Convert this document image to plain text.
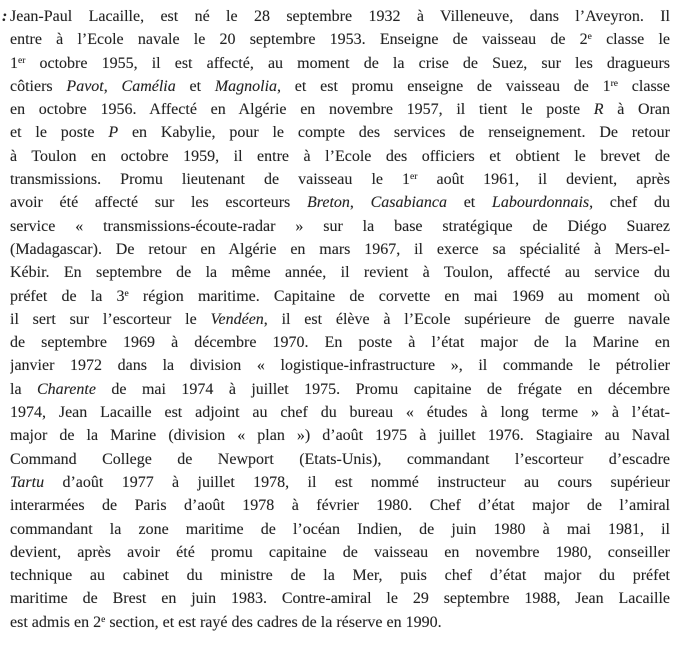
: Jean-Paul Lacaille, est né le 28 septembre 1932 à Villeneuve, dans l’Aveyron. Il
entre à l’Ecole navale le 20 septembre 1953. Enseigne de vaisseau de 2e classe le
1er octobre 1955, il est affecté, au moment de la crise de Suez, sur les dragueurs
côtiers Pavot, Camélia et Magnolia, et est promu enseigne de vaisseau de 1re classe
en octobre 1956. Affecté en Algérie en novembre 1957, il tient le poste R à Oran
et le poste P en Kabylie, pour le compte des services de renseignement. De retour
à Toulon en octobre 1959, il entre à l’Ecole des officiers et obtient le brevet de
transmissions. Promu lieutenant de vaisseau le 1er août 1961, il devient, après
avoir été affecté sur les escorteurs Breton, Casabianca et Labourdonnais, chef du
service « transmissions-écoute-radar » sur la base stratégique de Diégo Suarez
(Madagascar). De retour en Algérie en mars 1967, il exerce sa spécialité à Mers-el-
Kébir. En septembre de la même année, il revient à Toulon, affecté au service du
préfet de la 3e région maritime. Capitaine de corvette en mai 1969 au moment où
il sert sur l’escorteur le Vendéen, il est élève à l’Ecole supérieure de guerre navale
de septembre 1969 à décembre 1970. En poste à l’état major de la Marine en
janvier 1972 dans la division « logistique-infrastructure », il commande le pétrolier
la Charente de mai 1974 à juillet 1975. Promu capitaine de frégate en décembre
1974, Jean Lacaille est adjoint au chef du bureau « études à long terme » à l’état-
major de la Marine (division « plan ») d’août 1975 à juillet 1976. Stagiaire au Naval
Command College de Newport (Etats-Unis), commandant l’escorteur d’escadre
Tartu d’août 1977 à juillet 1978, il est nommé instructeur au cours supérieur
interarmées de Paris d’août 1978 à février 1980. Chef d’état major de l’amiral
commandant la zone maritime de l’océan Indien, de juin 1980 à mai 1981, il
devient, après avoir été promu capitaine de vaisseau en novembre 1980, conseiller
technique au cabinet du ministre de la Mer, puis chef d’état major du préfet
maritime de Brest en juin 1983. Contre-amiral le 29 septembre 1988, Jean Lacaille
est admis en 2e section, et est rayé des cadres de la réserve en 1990.
